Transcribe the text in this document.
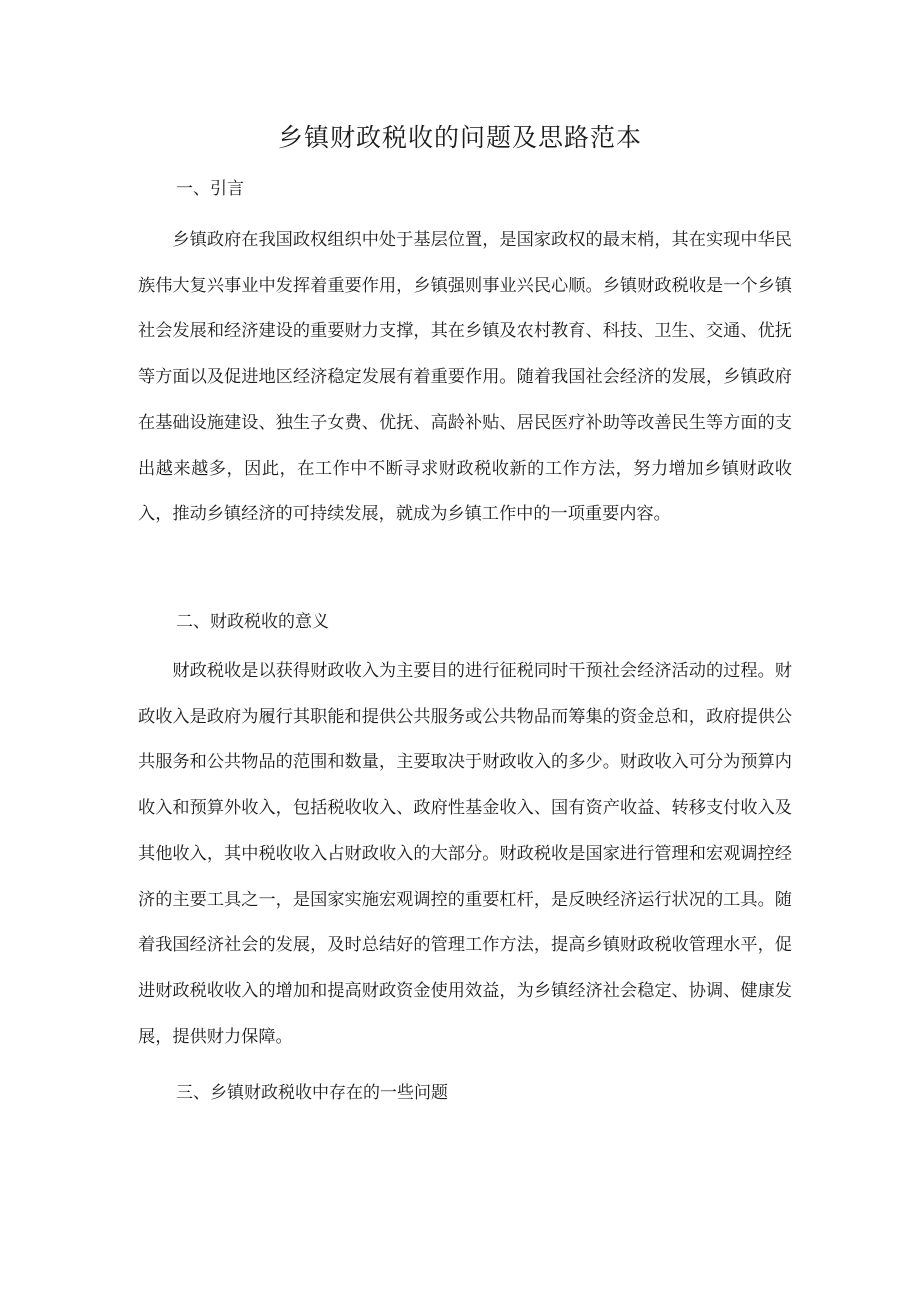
乡镇财政税收的问题及思路范本
一、引言

乡镇政府在我国政权组织中处于基层位置，是国家政权的最末梢，其在实现中华民族伟大复兴事业中发挥着重要作用，乡镇强则事业兴民心顺。乡镇财政税收是一个乡镇社会发展和经济建设的重要财力支撑，其在乡镇及农村教育、科技、卫生、交通、优抚等方面以及促进地区经济稳定发展有着重要作用。随着我国社会经济的发展，乡镇政府在基础设施建设、独生子女费、优抚、高龄补贴、居民医疗补助等改善民生等方面的支出越来越多，因此，在工作中不断寻求财政税收新的工作方法，努力增加乡镇财政收入，推动乡镇经济的可持续发展，就成为乡镇工作中的一项重要内容。

二、财政税收的意义

财政税收是以获得财政收入为主要目的进行征税同时干预社会经济活动的过程。财政收入是政府为履行其职能和提供公共服务或公共物品而筹集的资金总和，政府提供公共服务和公共物品的范围和数量，主要取决于财政收入的多少。财政收入可分为预算内收入和预算外收入，包括税收收入、政府性基金收入、国有资产收益、转移支付收入及其他收入，其中税收收入占财政收入的大部分。财政税收是国家进行管理和宏观调控经济的主要工具之一，是国家实施宏观调控的重要杠杆，是反映经济运行状况的工具。随着我国经济社会的发展，及时总结好的管理工作方法，提高乡镇财政税收管理水平，促进财政税收收入的增加和提高财政资金使用效益，为乡镇经济社会稳定、协调、健康发展，提供财力保障。

三、乡镇财政税收中存在的一些问题
